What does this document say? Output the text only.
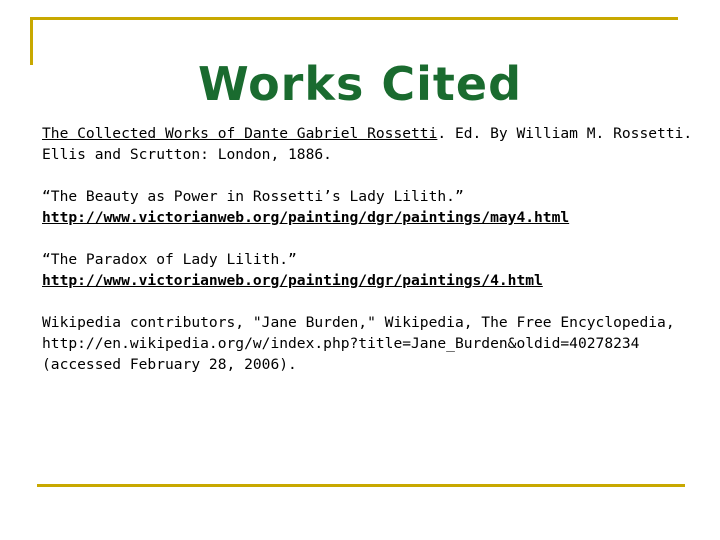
Works Cited
The Collected Works of Dante Gabriel Rossetti. Ed. By William M. Rossetti.
Ellis and Scrutton: London, 1886.
“The Beauty as Power in Rossetti’s Lady Lilith.”
http://www.victorianweb.org/painting/dgr/paintings/may4.html
“The Paradox of Lady Lilith.”
http://www.victorianweb.org/painting/dgr/paintings/4.html
Wikipedia contributors, "Jane Burden," Wikipedia, The Free Encyclopedia,
http://en.wikipedia.org/w/index.php?title=Jane_Burden&oldid=40278234
(accessed February 28, 2006).
